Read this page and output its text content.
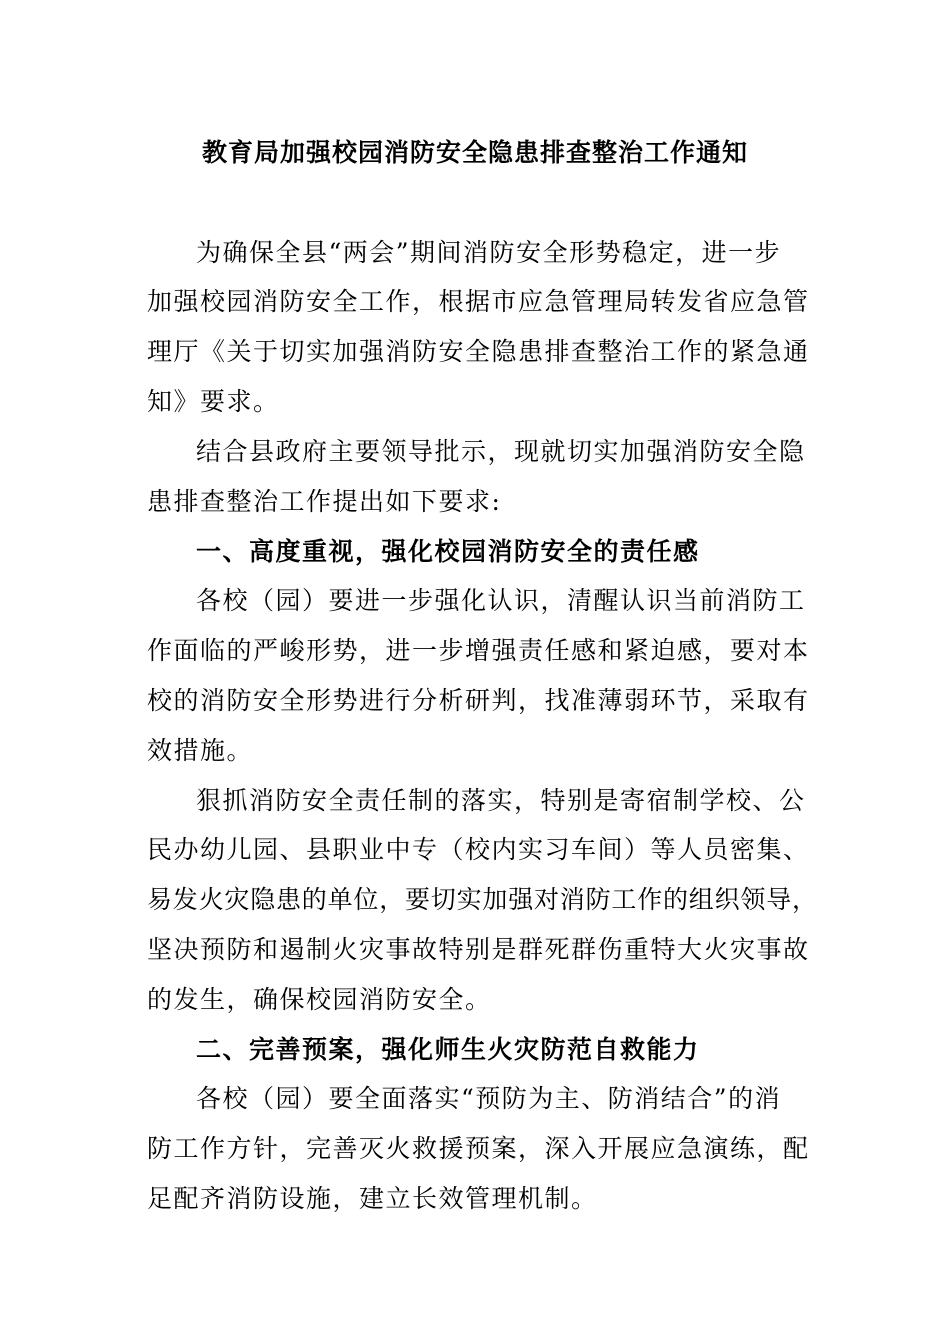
教育局加强校园消防安全隐患排查整治工作通知
为确保全县“两会”期间消防安全形势稳定，进一步
加强校园消防安全工作，根据市应急管理局转发省应急管
理厅《关于切实加强消防安全隐患排查整治工作的紧急通
知》要求。
结合县政府主要领导批示，现就切实加强消防安全隐
患排查整治工作提出如下要求:
一、高度重视，强化校园消防安全的责任感
各校（园）要进一步强化认识，清醒认识当前消防工
作面临的严峻形势，进一步增强责任感和紧迫感，要对本
校的消防安全形势进行分析研判，找准薄弱环节，采取有
效措施。
狠抓消防安全责任制的落实，特别是寄宿制学校、公
民办幼儿园、县职业中专（校内实习车间）等人员密集、
易发火灾隐患的单位，要切实加强对消防工作的组织领导，
坚决预防和遏制火灾事故特别是群死群伤重特大火灾事故
的发生，确保校园消防安全。
二、完善预案，强化师生火灾防范自救能力
各校（园）要全面落实“预防为主、防消结合”的消
防工作方针，完善灭火救援预案，深入开展应急演练，配
足配齐消防设施，建立长效管理机制。
